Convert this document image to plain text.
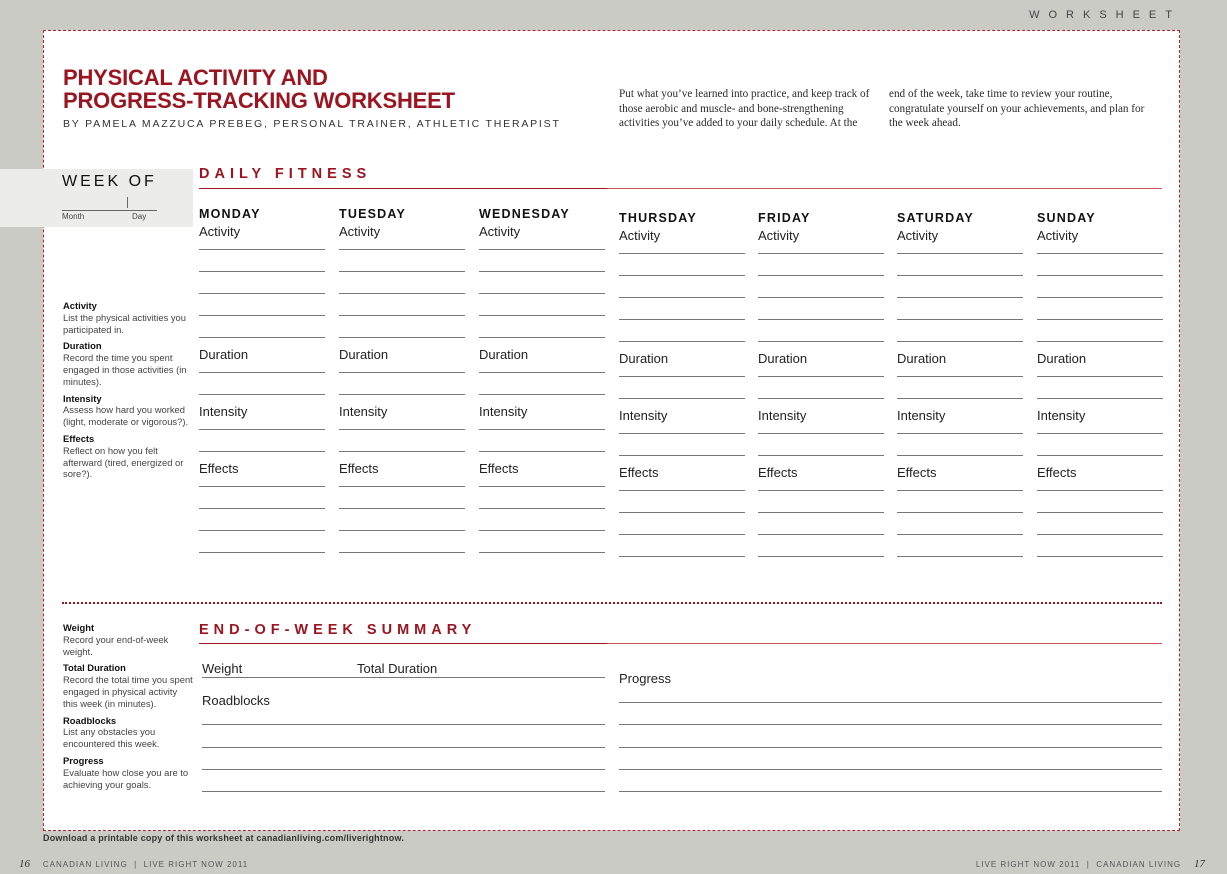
WORKSHEET
PHYSICAL ACTIVITY AND
PROGRESS-TRACKING WORKSHEET
BY PAMELA MAZZUCA PREBEG, PERSONAL TRAINER, ATHLETIC THERAPIST
Put what you’ve learned into practice, and keep track of those aerobic and muscle- and bone-strengthening activities you’ve added to your daily schedule. At the
end of the week, take time to review your routine, congratulate yourself on your achievements, and plan for the week ahead.
DAILY FITNESS
Activity
List the physical activities you participated in.
Duration
Record the time you spent engaged in those activities (in minutes).
Intensity
Assess how hard you worked (light, moderate or vigorous?).
Effects
Reflect on how you felt afterward (tired, energized or sore?).
MONDAY
Activity
Duration
Intensity
Effects
TUESDAY
Activity
Duration
Intensity
Effects
WEDNESDAY
Activity
Duration
Intensity
Effects
THURSDAY
Activity
Duration
Intensity
Effects
FRIDAY
Activity
Duration
Intensity
Effects
SATURDAY
Activity
Duration
Intensity
Effects
SUNDAY
Activity
Duration
Intensity
Effects
END-OF-WEEK SUMMARY
Weight
Record your end-of-week weight.
Total Duration
Record the total time you spent engaged in physical activity this week (in minutes).
Roadblocks
List any obstacles you encountered this week.
Progress
Evaluate how close you are to achieving your goals.
Weight	Total Duration
Roadblocks
Progress
WEEK OF
Month	Day
Download a printable copy of this worksheet at canadianliving.com/liverightnow.
16 CANADIAN LIVING  |  LIVE RIGHT NOW 2011	LIVE RIGHT NOW 2011  |  CANADIAN LIVING 17
